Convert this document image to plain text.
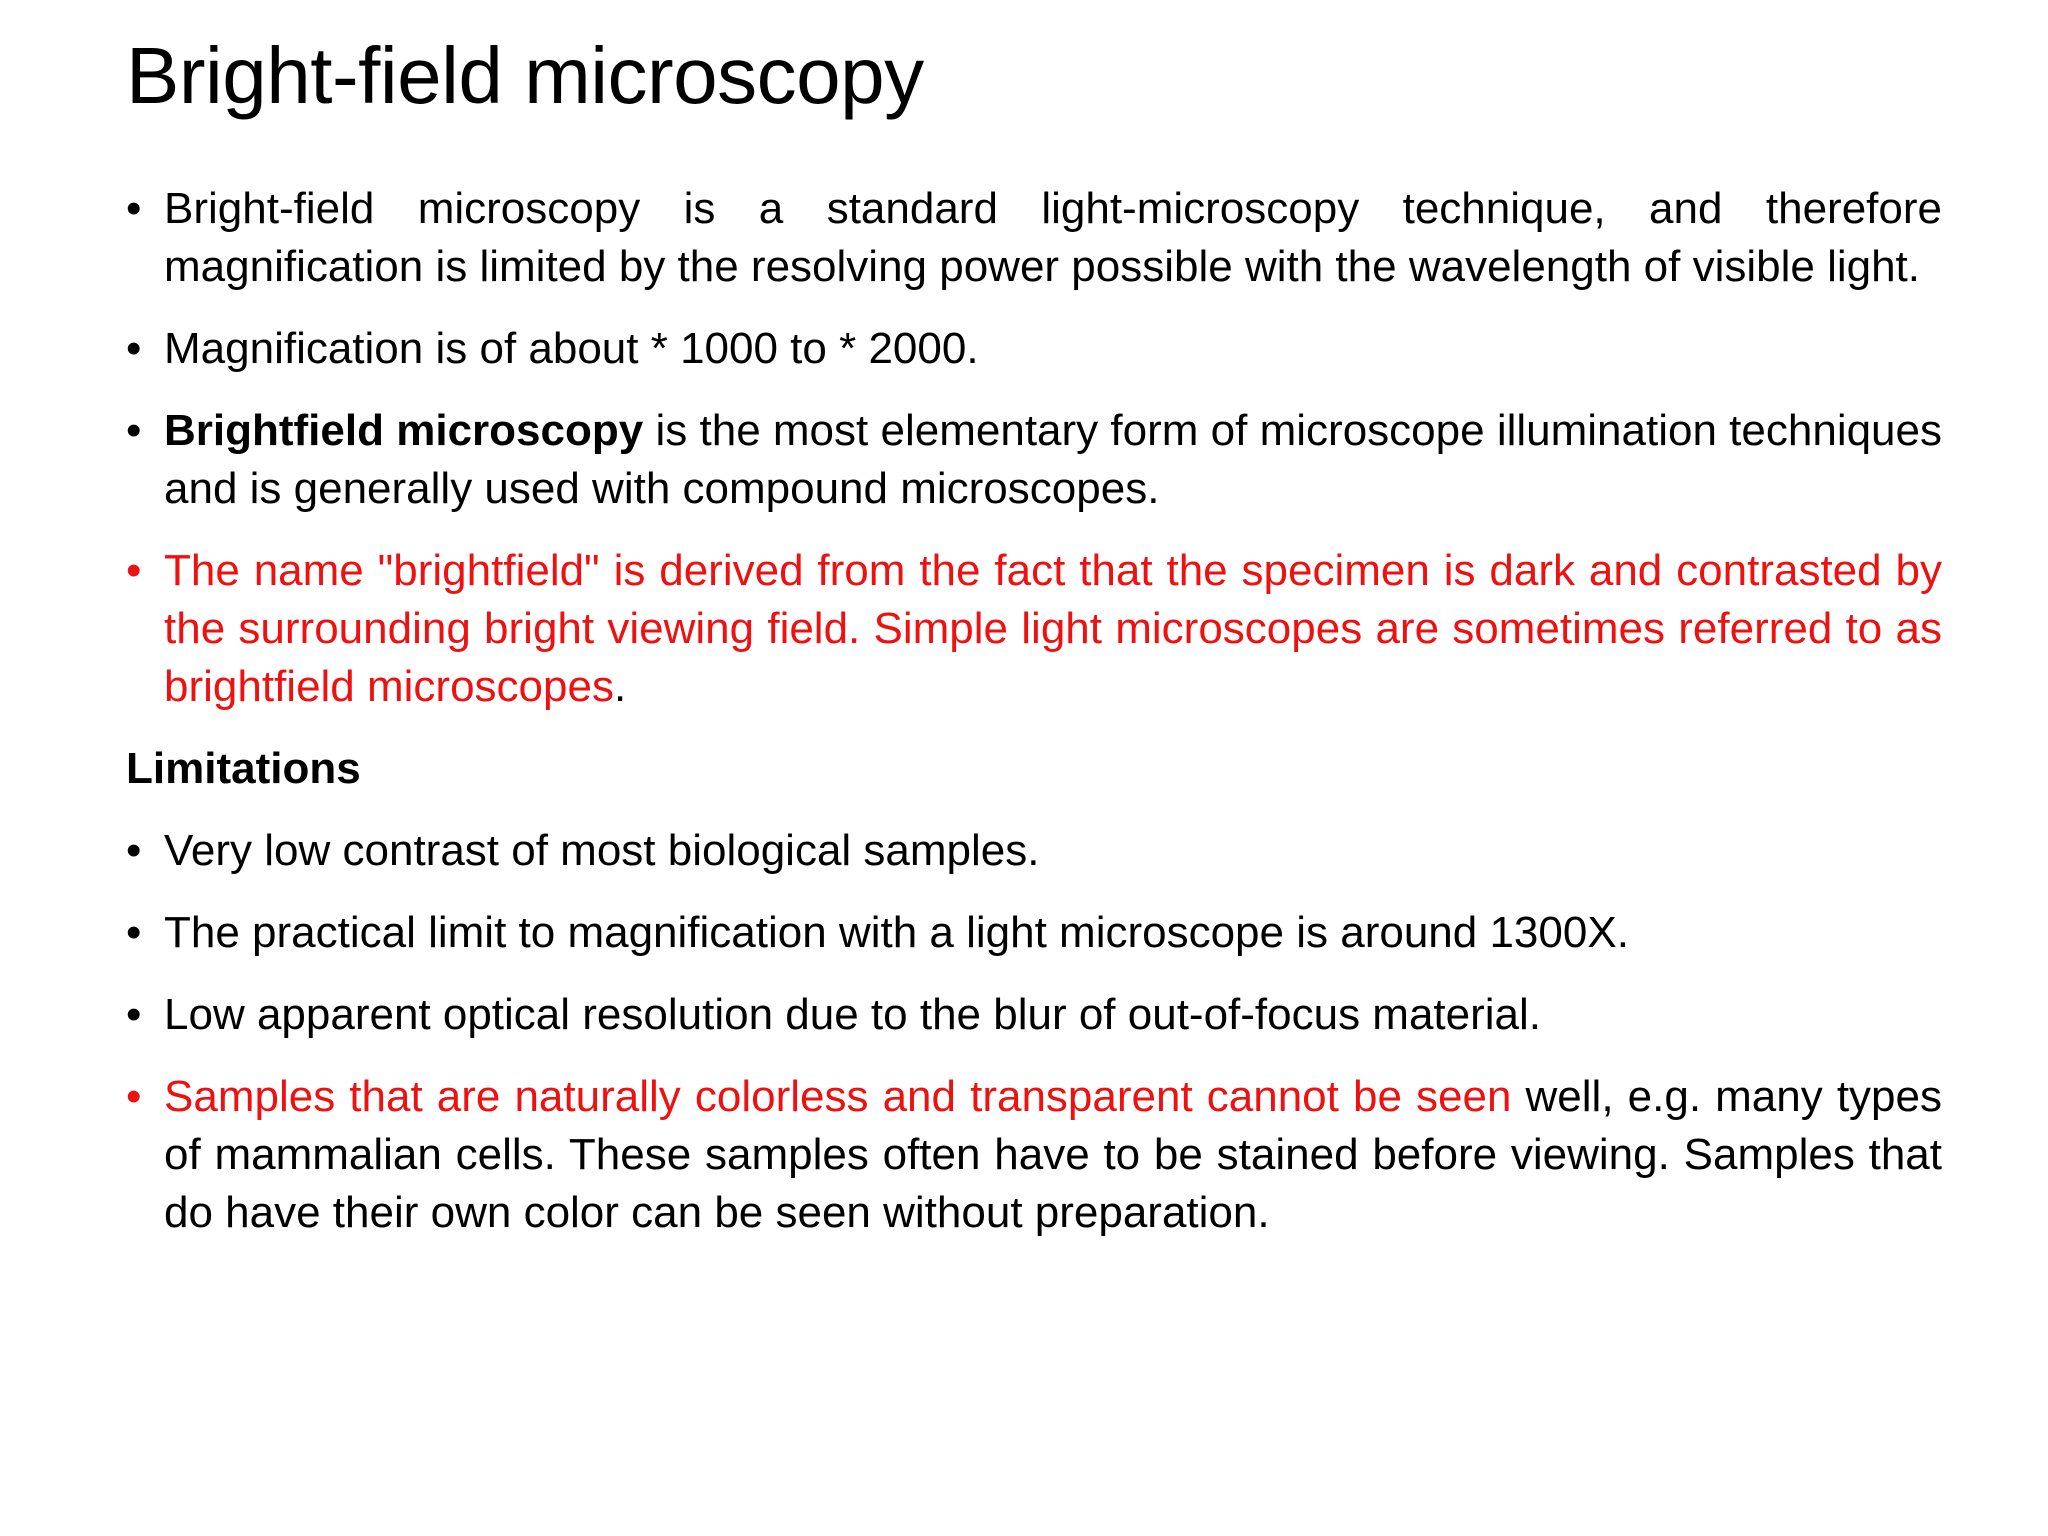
Bright-field microscopy
• Bright-field microscopy is a standard light-microscopy technique, and therefore magnification is limited by the resolving power possible with the wavelength of visible light.
• Magnification is of about * 1000 to * 2000.
• Brightfield microscopy is the most elementary form of microscope illumination techniques and is generally used with compound microscopes.
• The name "brightfield" is derived from the fact that the specimen is dark and contrasted by the surrounding bright viewing field. Simple light microscopes are sometimes referred to as brightfield microscopes.
Limitations
• Very low contrast of most biological samples.
• The practical limit to magnification with a light microscope is around 1300X.
• Low apparent optical resolution due to the blur of out-of-focus material.
• Samples that are naturally colorless and transparent cannot be seen well, e.g. many types of mammalian cells. These samples often have to be stained before viewing. Samples that do have their own color can be seen without preparation.
